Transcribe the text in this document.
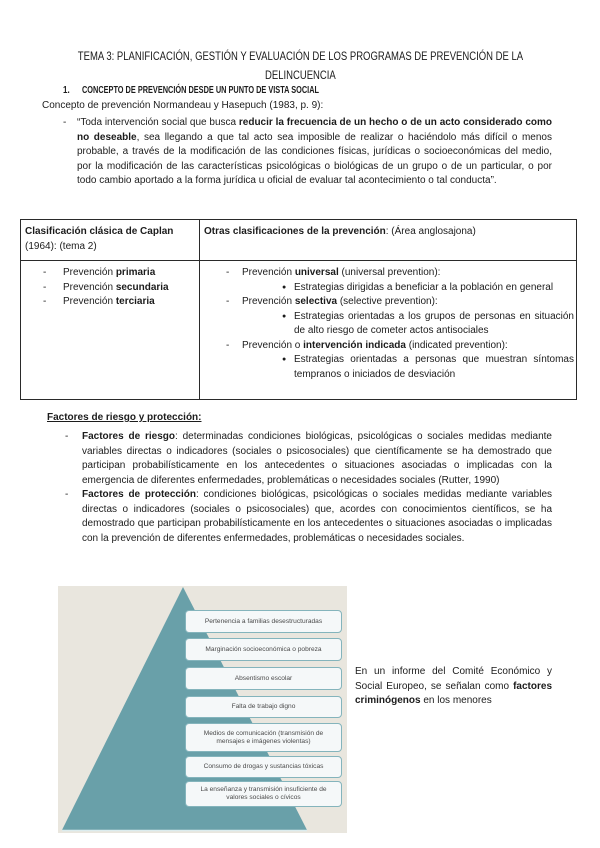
TEMA 3: PLANIFICACIÓN, GESTIÓN Y EVALUACIÓN DE LOS PROGRAMAS DE PREVENCIÓN DE LA
DELINCUENCIA
1. CONCEPTO DE PREVENCIÓN DESDE UN PUNTO DE VISTA SOCIAL
Concepto de prevención Normandeau y Hasepuch (1983, p. 9):
- “Toda intervención social que busca reducir la frecuencia de un hecho o de un acto considerado como no deseable, sea llegando a que tal acto sea imposible de realizar o haciéndolo más difícil o menos probable, a través de la modificación de las condiciones físicas, jurídicas o socioeconómicas del medio, por la modificación de las características psicológicas o biológicas de un grupo o de un particular, o por todo cambio aportado a la forma jurídica u oficial de evaluar tal acontecimiento o tal conducta”.
Clasificación clásica de Caplan (1964): (tema 2)
Otras clasificaciones de la prevención: (Área anglosajona)
- Prevención primaria
- Prevención secundaria
- Prevención terciaria
- Prevención universal (universal prevention):
● Estrategias dirigidas a beneficiar a la población en general
- Prevención selectiva (selective prevention):
● Estrategias orientadas a los grupos de personas en situación de alto riesgo de cometer actos antisociales
- Prevención o intervención indicada (indicated prevention):
● Estrategias orientadas a personas que muestran síntomas tempranos o iniciados de desviación
Factores de riesgo y protección:
- Factores de riesgo: determinadas condiciones biológicas, psicológicas o sociales medidas mediante variables directas o indicadores (sociales o psicosociales) que científicamente se ha demostrado que participan probabilísticamente en los antecedentes o situaciones asociadas o implicadas con la emergencia de diferentes enfermedades, problemáticas o necesidades sociales (Rutter, 1990)
- Factores de protección: condiciones biológicas, psicológicas o sociales medidas mediante variables directas o indicadores (sociales o psicosociales) que, acordes con conocimientos científicos, se ha demostrado que participan probabilísticamente en los antecedentes o situaciones asociadas o implicadas con la prevención de diferentes enfermedades, problemáticas o necesidades sociales.
Pertenencia a familias desestructuradas
Marginación socioeconómica o pobreza
Absentismo escolar
Falta de trabajo digno
Medios de comunicación (transmisión de mensajes e imágenes violentas)
Consumo de drogas y sustancias tóxicas
La enseñanza y transmisión insuficiente de valores sociales o cívicos
En un informe del Comité Económico y Social Europeo, se señalan como factores criminógenos en los menores
